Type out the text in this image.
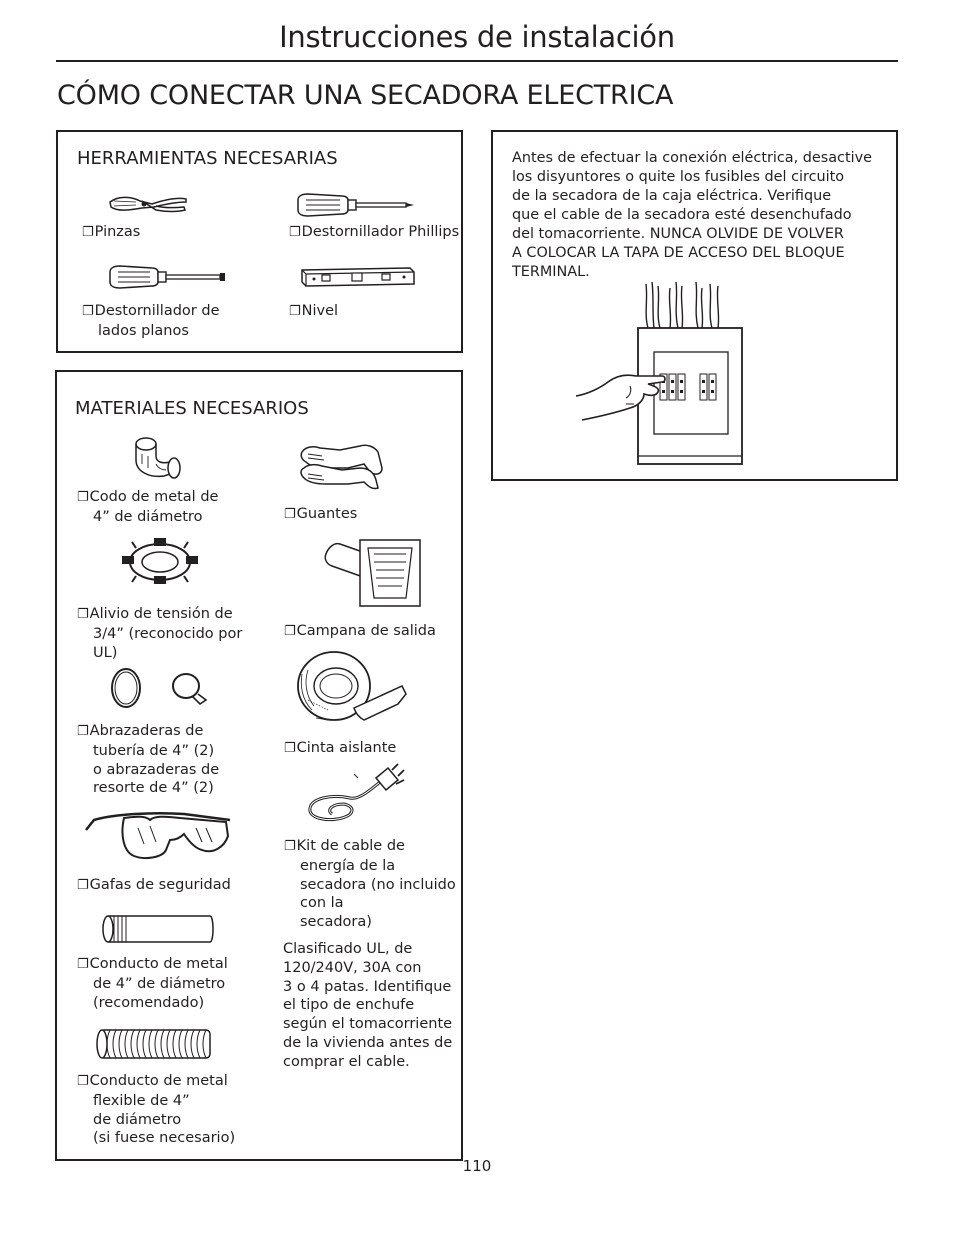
Instrucciones de instalación
CÓMO CONECTAR UNA SECADORA ELECTRICA
HERRAMIENTAS NECESARIAS
❐Pinzas	❐Destornillador Phillips
❐Destornillador de
lados planos
❐Nivel
Antes de efectuar la conexión eléctrica, desactive
los disyuntores o quite los fusibles del circuito
de la secadora de la caja eléctrica. Verifique
que el cable de la secadora esté desenchufado
del tomacorriente. NUNCA OLVIDE DE VOLVER
A COLOCAR LA TAPA DE ACCESO DEL BLOQUE
TERMINAL.
MATERIALES NECESARIOS
❐Codo de metal de
4” de diámetro	❐Guantes
❐Alivio de tensión de
3/4” (reconocido por
UL)
❐Campana de salida
❐Abrazaderas de
tubería de 4” (2)
o abrazaderas de
resorte de 4” (2)
❐Cinta aislante
❐Kit de cable de
energía de la
secadora (no incluido
con la
secadora)
❐Gafas de seguridad
Clasificado UL, de
120/240V, 30A con
3 o 4 patas. Identifique
el tipo de enchufe
según el tomacorriente
de la vivienda antes de
comprar el cable.
❐Conducto de metal
de 4” de diámetro
(recomendado)
❐Conducto de metal
flexible de 4”
de diámetro
(si fuese necesario)
110
